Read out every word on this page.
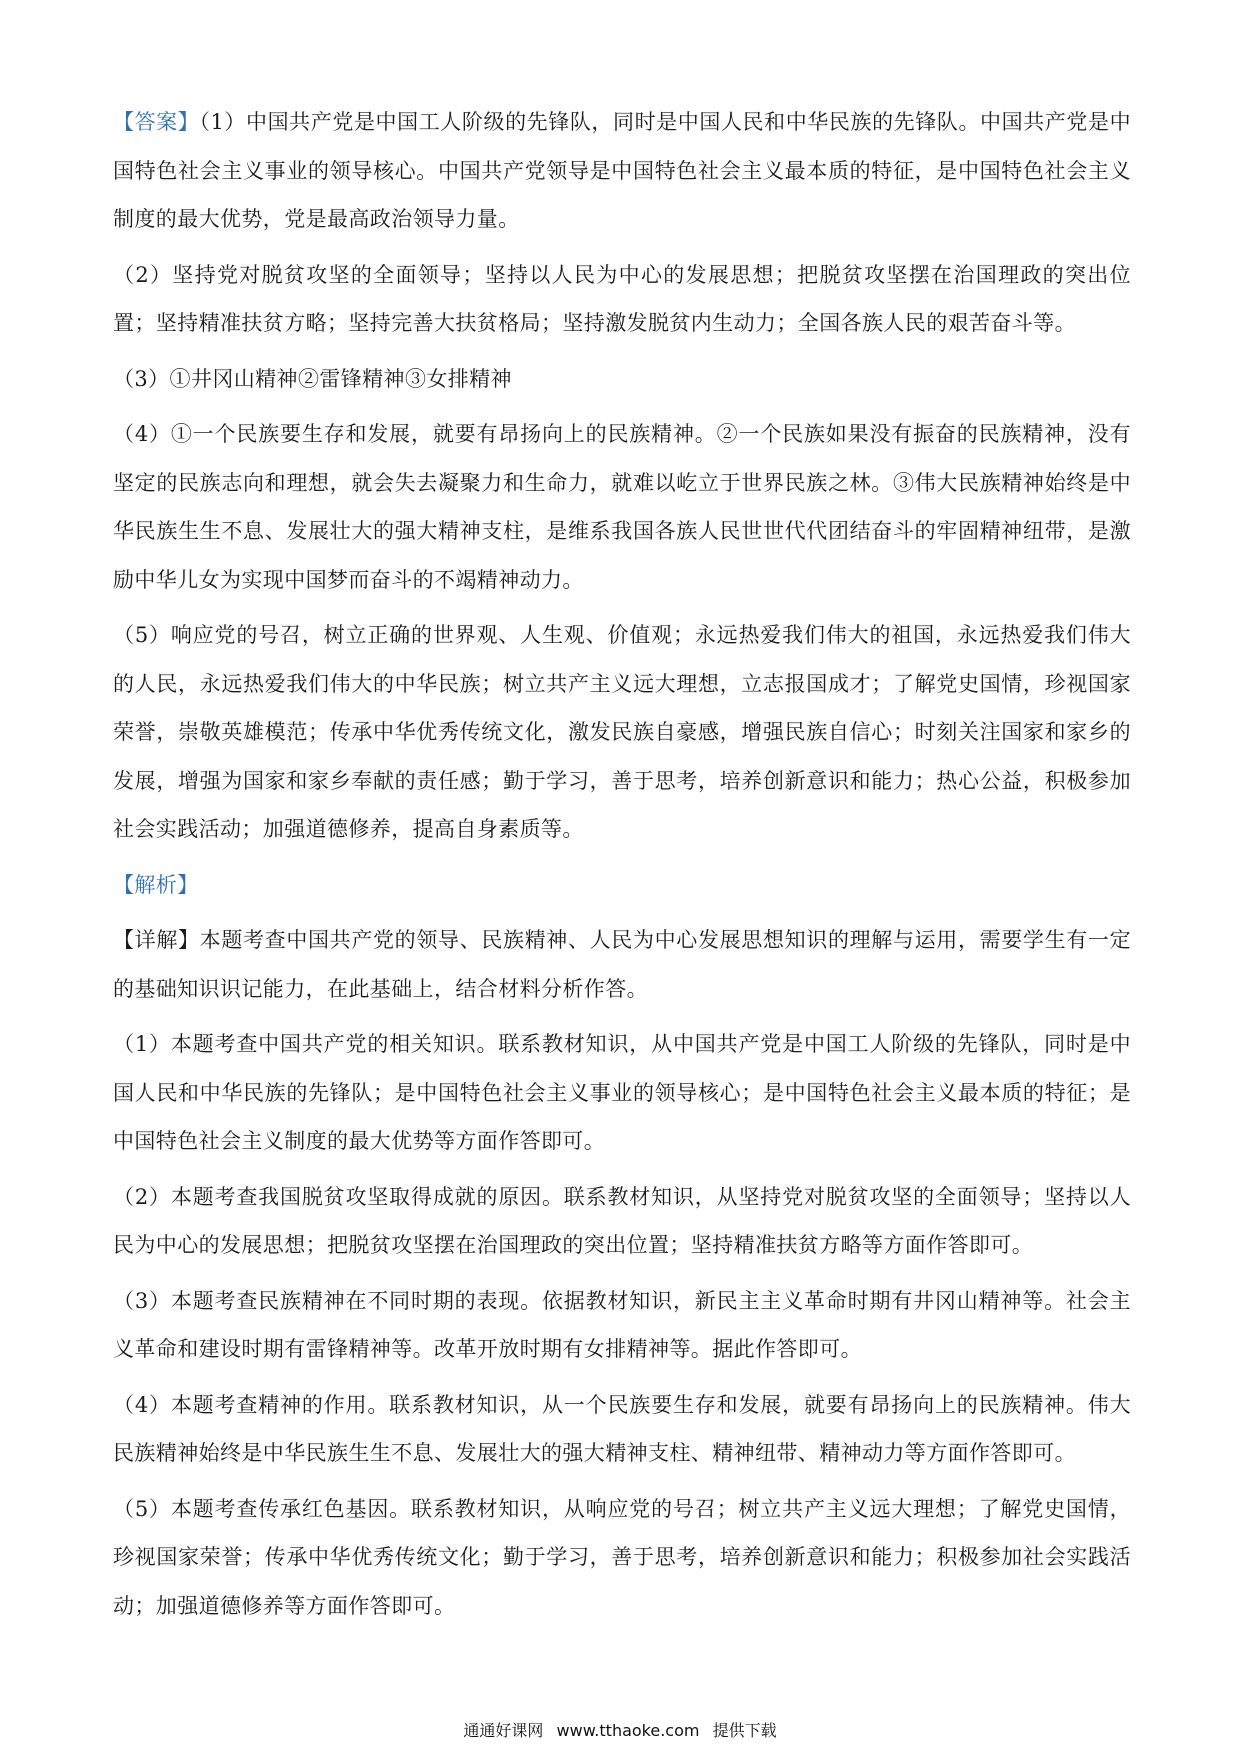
【答案】（1）中国共产党是中国工人阶级的先锋队，同时是中国人民和中华民族的先锋队。中国共产党是中国特色社会主义事业的领导核心。中国共产党领导是中国特色社会主义最本质的特征，是中国特色社会主义制度的最大优势，党是最高政治领导力量。

（2）坚持党对脱贫攻坚的全面领导；坚持以人民为中心的发展思想；把脱贫攻坚摆在治国理政的突出位置；坚持精准扶贫方略；坚持完善大扶贫格局；坚持激发脱贫内生动力；全国各族人民的艰苦奋斗等。

（3）①井冈山精神②雷锋精神③女排精神

（4）①一个民族要生存和发展，就要有昂扬向上的民族精神。②一个民族如果没有振奋的民族精神，没有坚定的民族志向和理想，就会失去凝聚力和生命力，就难以屹立于世界民族之林。③伟大民族精神始终是中华民族生生不息、发展壮大的强大精神支柱，是维系我国各族人民世世代代团结奋斗的牢固精神纽带，是激励中华儿女为实现中国梦而奋斗的不竭精神动力。

（5）响应党的号召，树立正确的世界观、人生观、价值观；永远热爱我们伟大的祖国，永远热爱我们伟大的人民，永远热爱我们伟大的中华民族；树立共产主义远大理想，立志报国成才；了解党史国情，珍视国家荣誉，崇敬英雄模范；传承中华优秀传统文化，激发民族自豪感，增强民族自信心；时刻关注国家和家乡的发展，增强为国家和家乡奉献的责任感；勤于学习，善于思考，培养创新意识和能力；热心公益，积极参加社会实践活动；加强道德修养，提高自身素质等。

【解析】

【详解】本题考查中国共产党的领导、民族精神、人民为中心发展思想知识的理解与运用，需要学生有一定的基础知识识记能力，在此基础上，结合材料分析作答。

（1）本题考查中国共产党的相关知识。联系教材知识，从中国共产党是中国工人阶级的先锋队，同时是中国人民和中华民族的先锋队；是中国特色社会主义事业的领导核心；是中国特色社会主义最本质的特征；是中国特色社会主义制度的最大优势等方面作答即可。

（2）本题考查我国脱贫攻坚取得成就的原因。联系教材知识，从坚持党对脱贫攻坚的全面领导；坚持以人民为中心的发展思想；把脱贫攻坚摆在治国理政的突出位置；坚持精准扶贫方略等方面作答即可。

（3）本题考查民族精神在不同时期的表现。依据教材知识，新民主主义革命时期有井冈山精神等。社会主义革命和建设时期有雷锋精神等。改革开放时期有女排精神等。据此作答即可。

（4）本题考查精神的作用。联系教材知识，从一个民族要生存和发展，就要有昂扬向上的民族精神。伟大民族精神始终是中华民族生生不息、发展壮大的强大精神支柱、精神纽带、精神动力等方面作答即可。

（5）本题考查传承红色基因。联系教材知识，从响应党的号召；树立共产主义远大理想；了解党史国情，珍视国家荣誉；传承中华优秀传统文化；勤于学习，善于思考，培养创新意识和能力；积极参加社会实践活动；加强道德修养等方面作答即可。

通通好课网 www.tthaoke.com 提供下载
